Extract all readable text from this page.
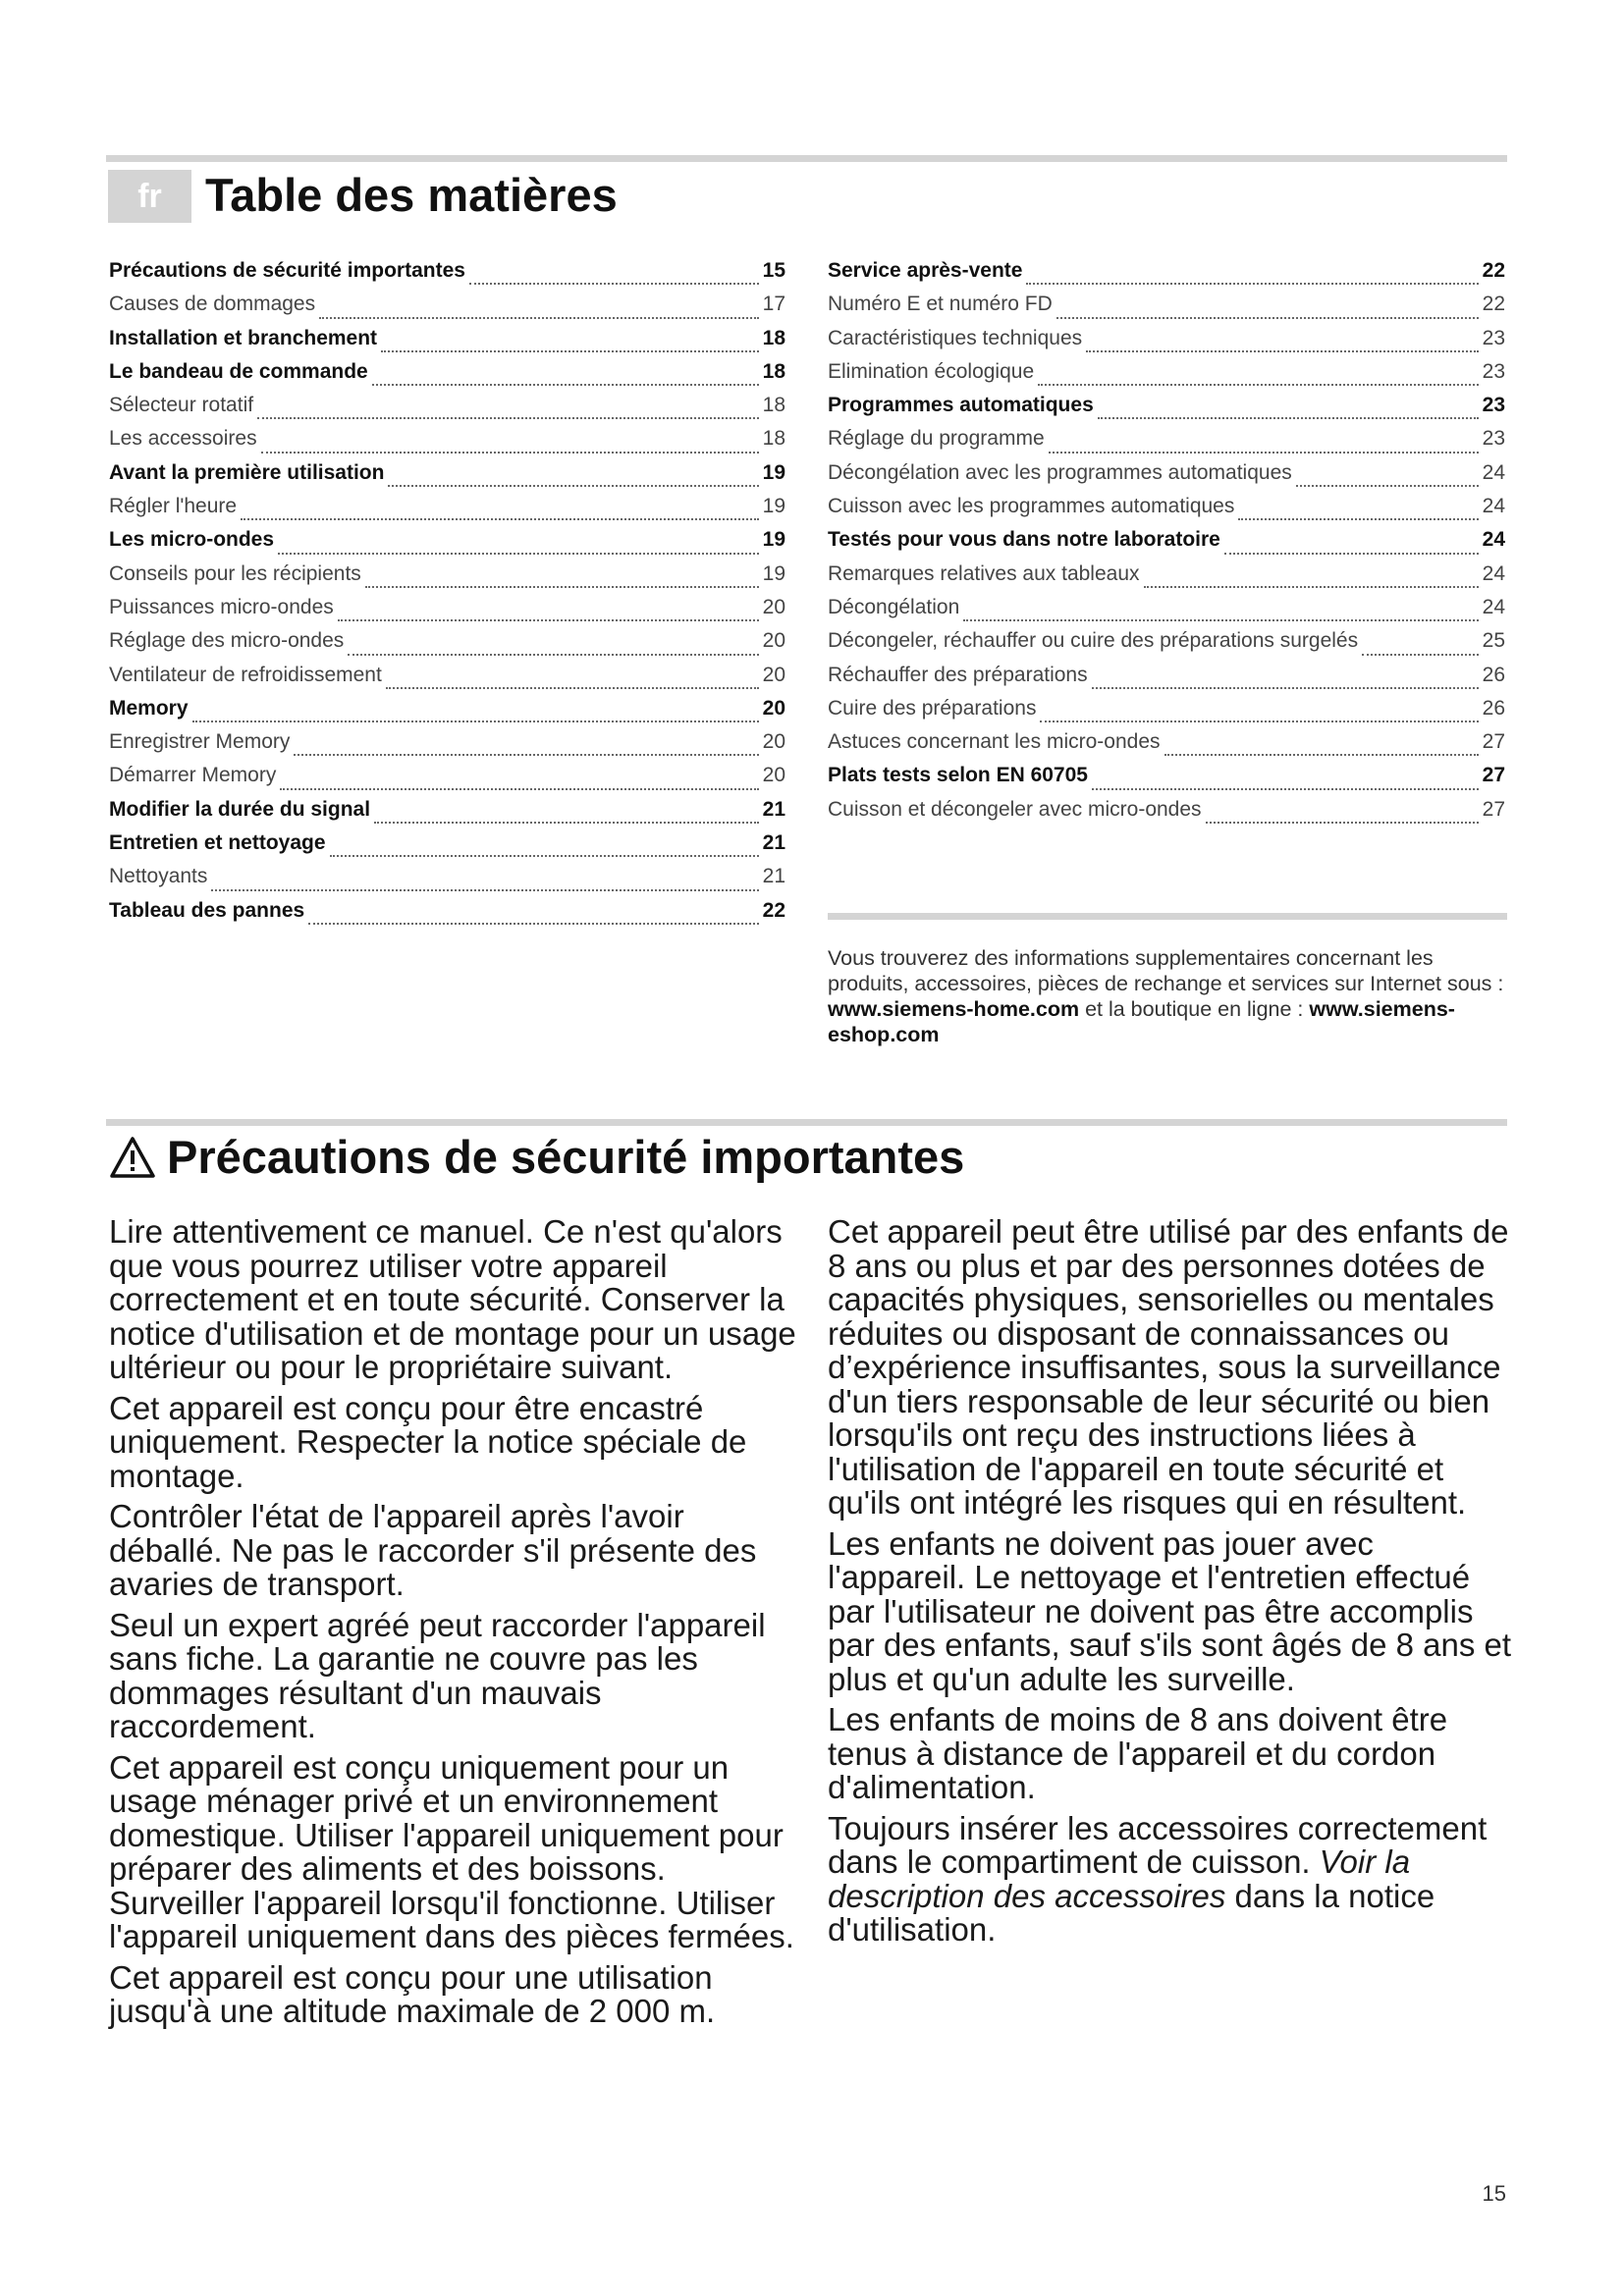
fr Table des matières
Précautions de sécurité importantes	15
Causes de dommages	17
Installation et branchement	18
Le bandeau de commande	18
Sélecteur rotatif	18
Les accessoires	18
Avant la première utilisation	19
Régler l'heure	19
Les micro-ondes	19
Conseils pour les récipients	19
Puissances micro-ondes	20
Réglage des micro-ondes	20
Ventilateur de refroidissement	20
Memory	20
Enregistrer Memory	20
Démarrer Memory	20
Modifier la durée du signal	21
Entretien et nettoyage	21
Nettoyants	21
Tableau des pannes	22
Service après-vente	22
Numéro E et numéro FD	22
Caractéristiques techniques	23
Elimination écologique	23
Programmes automatiques	23
Réglage du programme	23
Décongélation avec les programmes automatiques	24
Cuisson avec les programmes automatiques	24
Testés pour vous dans notre laboratoire	24
Remarques relatives aux tableaux	24
Décongélation	24
Décongeler, réchauffer ou cuire des préparations surgelés	25
Réchauffer des préparations	26
Cuire des préparations	26
Astuces concernant les micro-ondes	27
Plats tests selon EN 60705	27
Cuisson et décongeler avec micro-ondes	27
Vous trouverez des informations supplementaires concernant les produits, accessoires, pièces de rechange et services sur Internet sous : www.siemens-home.com et la boutique en ligne : www.siemens-eshop.com
Précautions de sécurité importantes

Lire attentivement ce manuel. Ce n'est qu'alors que vous pourrez utiliser votre appareil correctement et en toute sécurité. Conserver la notice d'utilisation et de montage pour un usage ultérieur ou pour le propriétaire suivant.

Cet appareil est conçu pour être encastré uniquement. Respecter la notice spéciale de montage.

Contrôler l'état de l'appareil après l'avoir déballé. Ne pas le raccorder s'il présente des avaries de transport.

Seul un expert agréé peut raccorder l'appareil sans fiche. La garantie ne couvre pas les dommages résultant d'un mauvais raccordement.

Cet appareil est conçu uniquement pour un usage ménager privé et un environnement domestique. Utiliser l'appareil uniquement pour préparer des aliments et des boissons. Surveiller l'appareil lorsqu'il fonctionne. Utiliser l'appareil uniquement dans des pièces fermées.

Cet appareil est conçu pour une utilisation jusqu'à une altitude maximale de 2 000 m.

Cet appareil peut être utilisé par des enfants de 8 ans ou plus et par des personnes dotées de capacités physiques, sensorielles ou mentales réduites ou disposant de connaissances ou d’expérience insuffisantes, sous la surveillance d'un tiers responsable de leur sécurité ou bien lorsqu'ils ont reçu des instructions liées à l'utilisation de l'appareil en toute sécurité et qu'ils ont intégré les risques qui en résultent.

Les enfants ne doivent pas jouer avec l'appareil. Le nettoyage et l'entretien effectué par l'utilisateur ne doivent pas être accomplis par des enfants, sauf s'ils sont âgés de 8 ans et plus et qu'un adulte les surveille.

Les enfants de moins de 8 ans doivent être tenus à distance de l'appareil et du cordon d'alimentation.

Toujours insérer les accessoires correctement dans le compartiment de cuisson. Voir la description des accessoires dans la notice d'utilisation.

15
